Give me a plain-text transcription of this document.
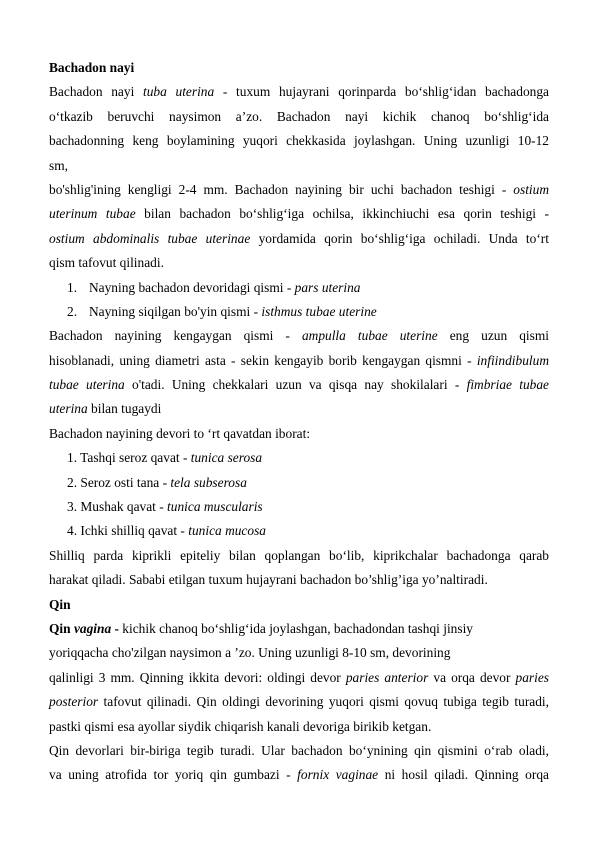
Bachadon nayi
Bachadon nayi tuba uterina - tuxum hujayrani qorinparda bo‘shlig‘idan bachadonga
o‘tkazib beruvchi naysimon a’zo. Bachadon nayi kichik chanoq bo‘shlig‘ida
bachadonning keng boylamining yuqori chekkasida joylashgan. Uning uzunligi 10-12
sm,
bo'shlig'ining kengligi 2-4 mm. Bachadon nayining bir uchi bachadon teshigi - ostium
uterinum tubae bilan bachadon bo‘shlig‘iga ochilsa, ikkinchiuchi esa qorin teshigi -
ostium abdominalis tubae uterinae yordamida qorin bo‘shlig‘iga ochiladi. Unda to‘rt
qism tafovut qilinadi.
1. Nayning bachadon devoridagi qismi - pars uterina
2. Nayning siqilgan bo'yin qismi - isthmus tubae uterine
Bachadon nayining kengaygan qismi - ampulla tubae uterine eng uzun qismi
hisoblanadi, uning diametri asta - sekin kengayib borib kengaygan qismni - infiindibulum
tubae uterina o'tadi. Uning chekkalari uzun va qisqa nay shokilalari - fimbriae tubae
uterina bilan tugaydi
Bachadon nayining devori to ‘rt qavatdan iborat:
1. Tashqi seroz qavat - tunica serosa
2. Seroz osti tana - tela subserosa
3. Mushak qavat - tunica muscularis
4. Ichki shilliq qavat - tunica mucosa
Shilliq parda kiprikli epiteliy bilan qoplangan bo‘lib, kiprikchalar bachadonga qarab
harakat qiladi. Sababi etilgan tuxum hujayrani bachadon bo’shlig’iga yo’naltiradi.
Qin
Qin vagina - kichik chanoq bo‘shlig‘ida joylashgan, bachadondan tashqi jinsiy
yoriqqacha cho'zilgan naysimon a ’zo. Uning uzunligi 8-10 sm, devorining
qalinligi 3 mm. Qinning ikkita devori: oldingi devor paries anterior va orqa devor paries
posterior tafovut qilinadi. Qin oldingi devorining yuqori qismi qovuq tubiga tegib turadi,
pastki qismi esa ayollar siydik chiqarish kanali devoriga birikib ketgan.
Qin devorlari bir-biriga tegib turadi. Ular bachadon bo‘ynining qin qismini o‘rab oladi,
va uning atrofida tor yoriq qin gumbazi - fornix vaginae ni hosil qiladi. Qinning orqa
